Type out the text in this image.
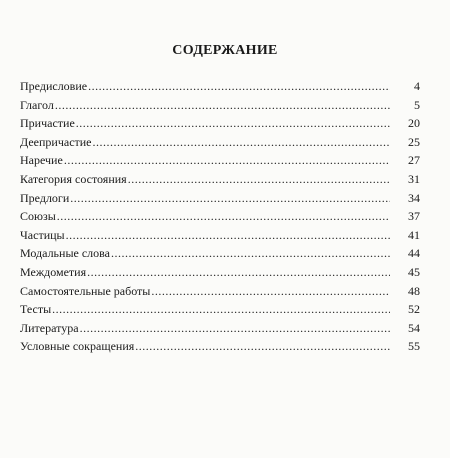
СОДЕРЖАНИЕ
Предисловие .....	4
Глагол .....	5
Причастие .....	20
Деепричастие .....	25
Наречие .....	27
Категория состояния .....	31
Предлоги .....	34
Союзы .....	37
Частицы .....	41
Модальные слова .....	44
Междометия .....	45
Самостоятельные работы .....	48
Тесты .....	52
Литература .....	54
Условные сокращения .....	55
